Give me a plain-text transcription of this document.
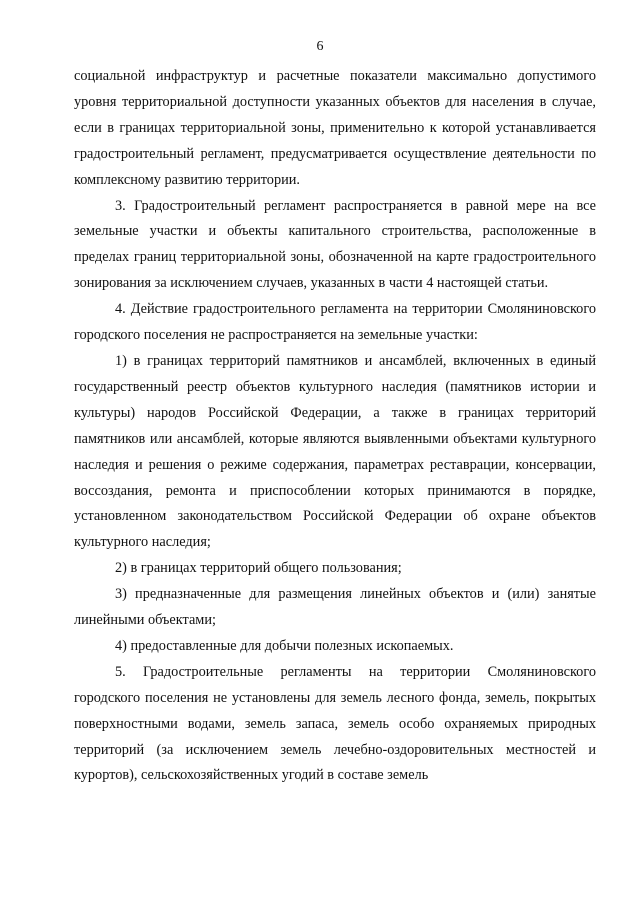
6

социальной инфраструктур и расчетные показатели максимально допустимого уровня территориальной доступности указанных объектов для населения в случае, если в границах территориальной зоны, применительно к которой устанавливается градостроительный регламент, предусматривается осуществление деятельности по комплексному развитию территории.

3. Градостроительный регламент распространяется в равной мере на все земельные участки и объекты капитального строительства, расположенные в пределах границ территориальной зоны, обозначенной на карте градостроительного зонирования за исключением случаев, указанных в части 4 настоящей статьи.

4. Действие градостроительного регламента на территории Смоляниновского городского поселения не распространяется на земельные участки:

1) в границах территорий памятников и ансамблей, включенных в единый государственный реестр объектов культурного наследия (памятников истории и культуры) народов Российской Федерации, а также в границах территорий памятников или ансамблей, которые являются выявленными объектами культурного наследия и решения о режиме содержания, параметрах реставрации, консервации, воссоздания, ремонта и приспособлении которых принимаются в порядке, установленном законодательством Российской Федерации об охране объектов культурного наследия;

2) в границах территорий общего пользования;

3) предназначенные для размещения линейных объектов и (или) занятые линейными объектами;

4) предоставленные для добычи полезных ископаемых.

5. Градостроительные регламенты на территории Смоляниновского городского поселения не установлены для земель лесного фонда, земель, покрытых поверхностными водами, земель запаса, земель особо охраняемых природных территорий (за исключением земель лечебно-оздоровительных местностей и курортов), сельскохозяйственных угодий в составе земель
